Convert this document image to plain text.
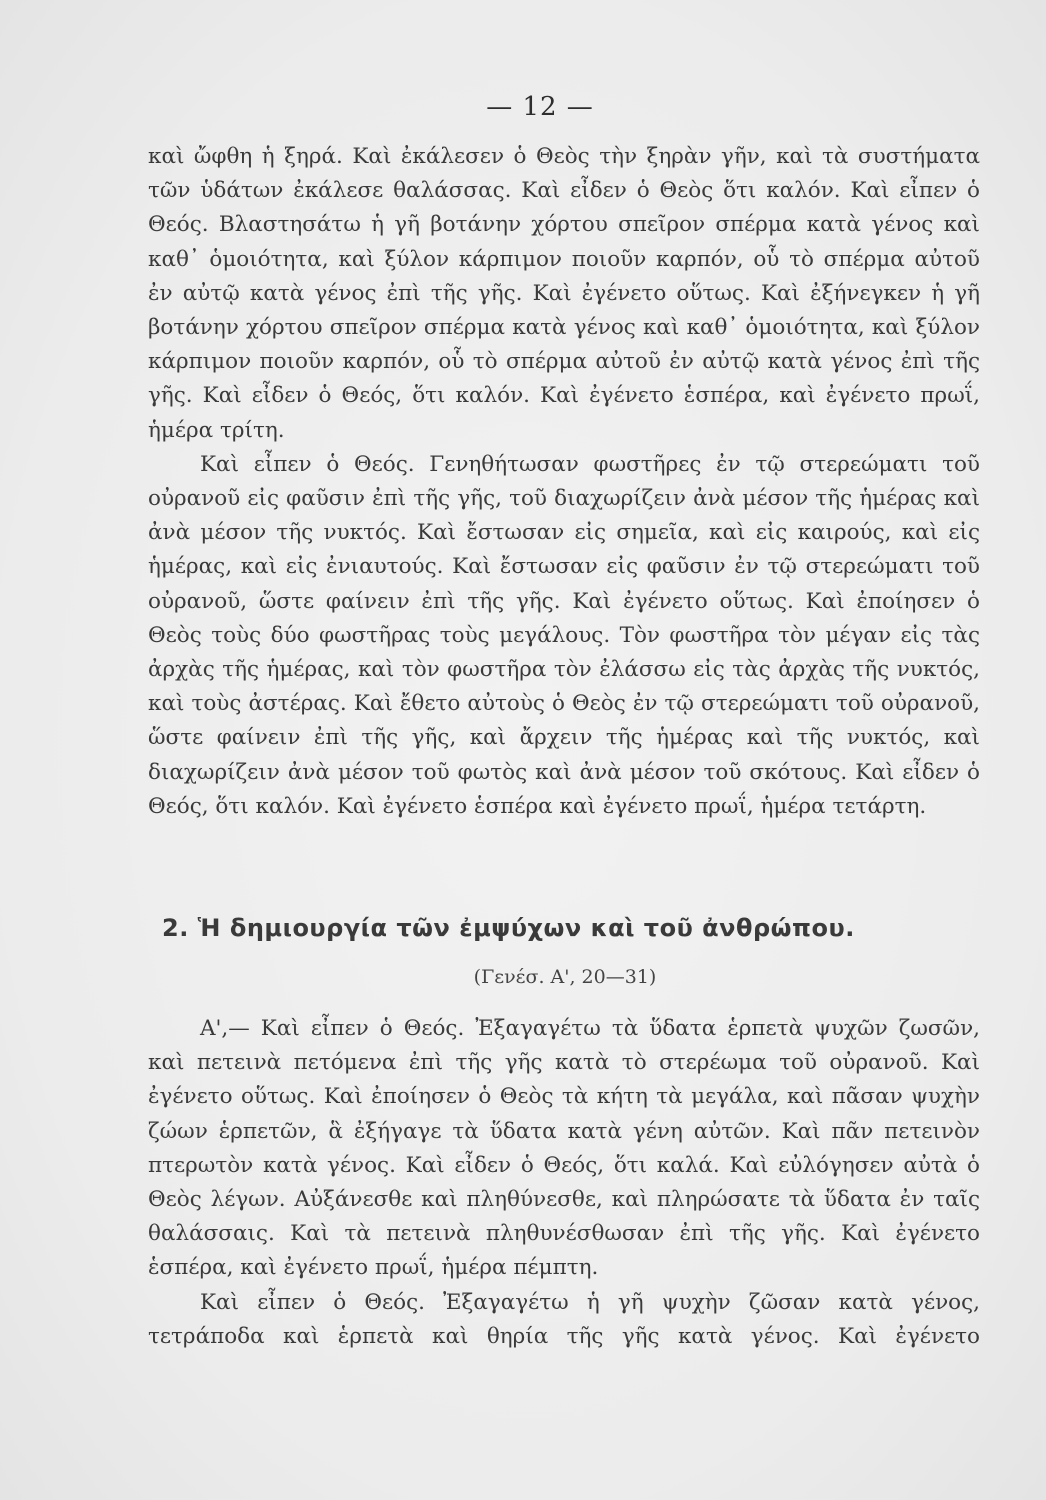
— 12 —

καὶ ὤφθη ἡ ξηρά. Καὶ ἐκάλεσεν ὁ Θεὸς τὴν ξηρὰν γῆν, καὶ τὰ συστήματα τῶν ὑδάτων ἐκάλεσε θαλάσσας. Καὶ εἶδεν ὁ Θεὸς ὅτι καλόν. Καὶ εἶπεν ὁ Θεός. Βλαστησάτω ἡ γῆ βοτάνην χόρτου σπεῖρον σπέρμα κατὰ γένος καὶ καθ᾽ ὁμοιότητα, καὶ ξύλον κάρπιμον ποιοῦν καρπόν, οὗ τὸ σπέρμα αὐτοῦ ἐν αὐτῷ κατὰ γένος ἐπὶ τῆς γῆς. Καὶ ἐγένετο οὕτως. Καὶ ἐξήνεγκεν ἡ γῆ βοτάνην χόρτου σπεῖρον σπέρμα κατὰ γένος καὶ καθ᾽ ὁμοιότητα, καὶ ξύλον κάρπιμον ποιοῦν καρπόν, οὗ τὸ σπέρμα αὐτοῦ ἐν αὐτῷ κατὰ γένος ἐπὶ τῆς γῆς. Καὶ εἶδεν ὁ Θεός, ὅτι καλόν. Καὶ ἐγένετο ἑσπέρα, καὶ ἐγένετο πρωΐ, ἡμέρα τρίτη.

Καὶ εἶπεν ὁ Θεός. Γενηθήτωσαν φωστῆρες ἐν τῷ στερεώματι τοῦ οὐρανοῦ εἰς φαῦσιν ἐπὶ τῆς γῆς, τοῦ διαχωρίζειν ἀνὰ μέσον τῆς ἡμέρας καὶ ἀνὰ μέσον τῆς νυκτός. Καὶ ἔστωσαν εἰς σημεῖα, καὶ εἰς καιρούς, καὶ εἰς ἡμέρας, καὶ εἰς ἐνιαυτούς. Καὶ ἔστωσαν εἰς φαῦσιν ἐν τῷ στερεώματι τοῦ οὐρανοῦ, ὥστε φαίνειν ἐπὶ τῆς γῆς. Καὶ ἐγένετο οὕτως. Καὶ ἐποίησεν ὁ Θεὸς τοὺς δύο φωστῆρας τοὺς μεγάλους. Τὸν φωστῆρα τὸν μέγαν εἰς τὰς ἀρχὰς τῆς ἡμέρας, καὶ τὸν φωστῆρα τὸν ἐλάσσω εἰς τὰς ἀρχὰς τῆς νυκτός, καὶ τοὺς ἀστέρας. Καὶ ἔθετο αὐτοὺς ὁ Θεὸς ἐν τῷ στερεώματι τοῦ οὐρανοῦ, ὥστε φαίνειν ἐπὶ τῆς γῆς, καὶ ἄρχειν τῆς ἡμέρας καὶ τῆς νυκτός, καὶ διαχωρίζειν ἀνὰ μέσον τοῦ φωτὸς καὶ ἀνὰ μέσον τοῦ σκότους. Καὶ εἶδεν ὁ Θεός, ὅτι καλόν. Καὶ ἐγένετο ἑσπέρα καὶ ἐγένετο πρωΐ, ἡμέρα τετάρτη.

2. Ἡ δημιουργία τῶν ἐμψύχων καὶ τοῦ ἀνθρώπου.
(Γενέσ. Α', 20—31)

Α',— Καὶ εἶπεν ὁ Θεός. Ἐξαγαγέτω τὰ ὕδατα ἑρπετὰ ψυχῶν ζωσῶν, καὶ πετεινὰ πετόμενα ἐπὶ τῆς γῆς κατὰ τὸ στερέωμα τοῦ οὐρανοῦ. Καὶ ἐγένετο οὕτως. Καὶ ἐποίησεν ὁ Θεὸς τὰ κήτη τὰ μεγάλα, καὶ πᾶσαν ψυχὴν ζώων ἑρπετῶν, ἃ ἐξήγαγε τὰ ὕδατα κατὰ γένη αὐτῶν. Καὶ πᾶν πετεινὸν πτερωτὸν κατὰ γένος. Καὶ εἶδεν ὁ Θεός, ὅτι καλά. Καὶ εὐλόγησεν αὐτὰ ὁ Θεὸς λέγων. Αὐξάνεσθε καὶ πληθύνεσθε, καὶ πληρώσατε τὰ ὕδατα ἐν ταῖς θαλάσσαις. Καὶ τὰ πετεινὰ πληθυνέσθωσαν ἐπὶ τῆς γῆς. Καὶ ἐγένετο ἑσπέρα, καὶ ἐγένετο πρωΐ, ἡμέρα πέμπτη.

Καὶ εἶπεν ὁ Θεός. Ἐξαγαγέτω ἡ γῆ ψυχὴν ζῶσαν κατὰ γένος, τετράποδα καὶ ἑρπετὰ καὶ θηρία τῆς γῆς κατὰ γένος. Καὶ ἐγένετο
